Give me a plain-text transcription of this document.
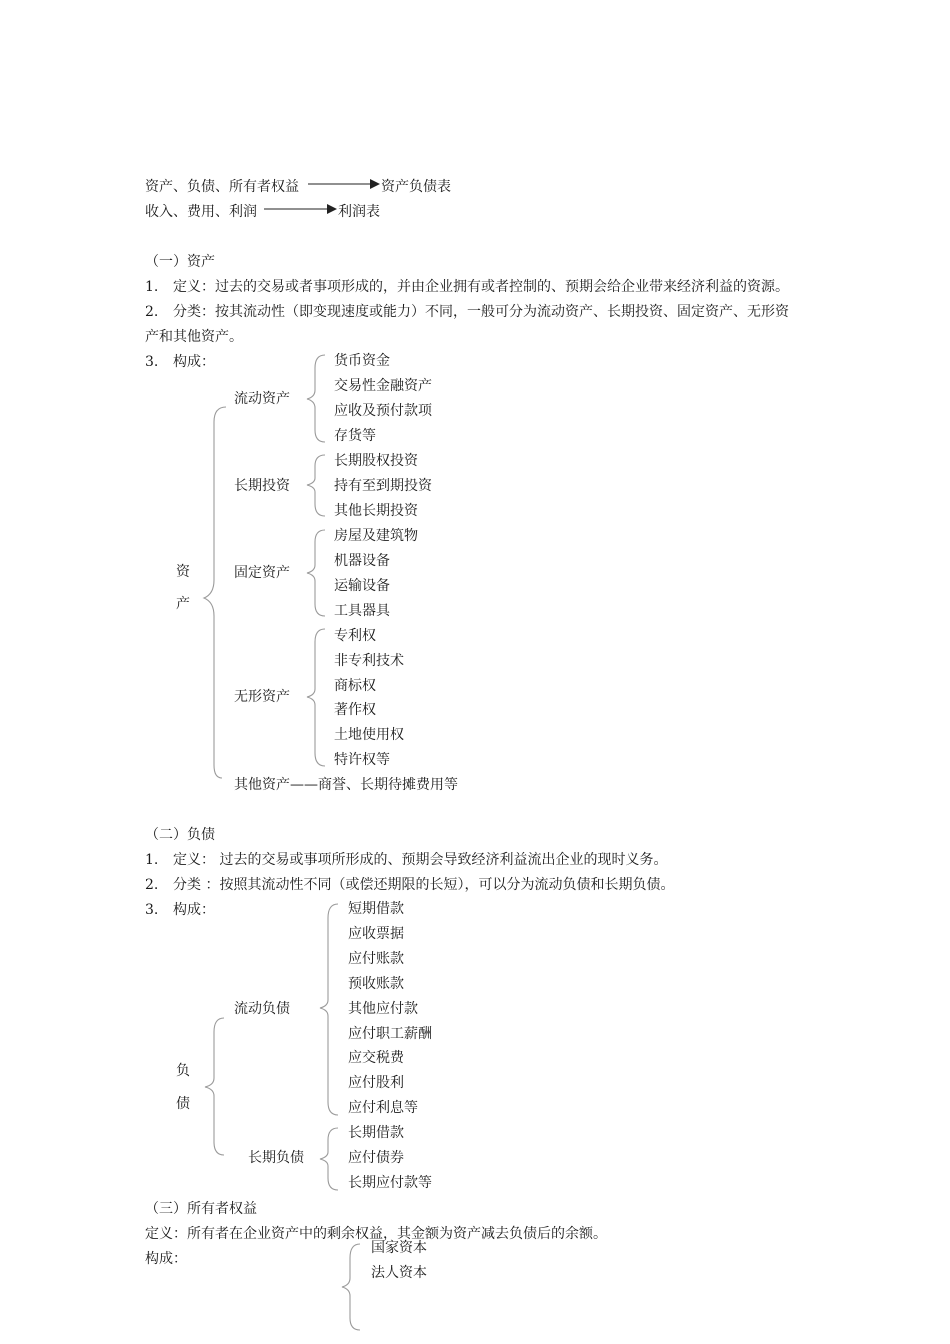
资产、负债、所有者权益	资产负债表
收入、费用、利润	利润表
（一）资产
1. 定义：过去的交易或者事项形成的，并由企业拥有或者控制的、预期会给企业带来经济利益的资源。
2. 分类：按其流动性（即变现速度或能力）不同，一般可分为流动资产、长期投资、固定资产、无形资
产和其他资产。
3. 构成：
资
产
流动资产
货币资金
交易性金融资产
应收及预付款项
存货等
长期投资
长期股权投资
持有至到期投资
其他长期投资
固定资产
房屋及建筑物
机器设备
运输设备
工具器具
无形资产
专利权
非专利技术
商标权
著作权
土地使用权
特许权等
其他资产——商誉、长期待摊费用等
（二）负债
1. 定义： 过去的交易或事项所形成的、预期会导致经济利益流出企业的现时义务。
2. 分类 ：按照其流动性不同（或偿还期限的长短），可以分为流动负债和长期负债。
3. 构成：
负
债
流动负债
短期借款
应收票据
应付账款
预收账款
其他应付款
应付职工薪酬
应交税费
应付股利
应付利息等
长期负债
长期借款
应付债券
长期应付款等
（三）所有者权益
定义：所有者在企业资产中的剩余权益，其金额为资产减去负债后的余额。
构成：
国家资本
法人资本
